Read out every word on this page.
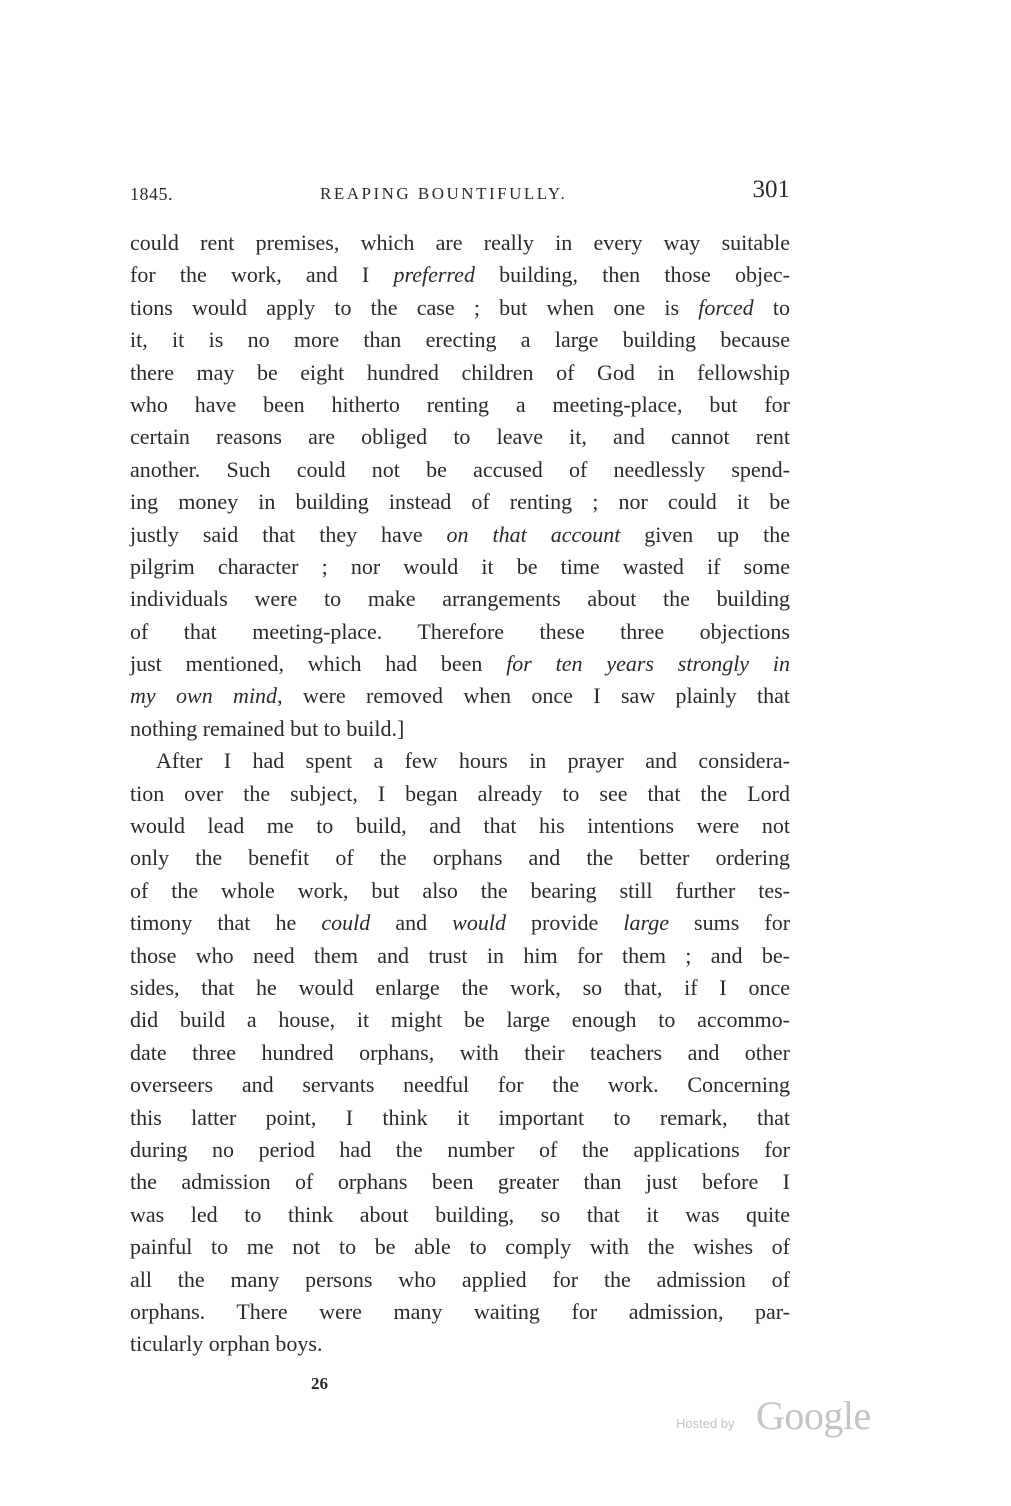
1845.	REAPING BOUNTIFULLY.	301
could rent premises, which are really in every way suitable
for the work, and I preferred building, then those objec-
tions would apply to the case ; but when one is forced to
it, it is no more than erecting a large building because
there may be eight hundred children of God in fellowship
who have been hitherto renting a meeting-place, but for
certain reasons are obliged to leave it, and cannot rent
another. Such could not be accused of needlessly spend-
ing money in building instead of renting ; nor could it be
justly said that they have on that account given up the
pilgrim character ; nor would it be time wasted if some
individuals were to make arrangements about the building
of that meeting-place. Therefore these three objections
just mentioned, which had been for ten years strongly in
my own mind, were removed when once I saw plainly that
nothing remained but to build.]
After I had spent a few hours in prayer and considera-
tion over the subject, I began already to see that the Lord
would lead me to build, and that his intentions were not
only the benefit of the orphans and the better ordering
of the whole work, but also the bearing still further tes-
timony that he could and would provide large sums for
those who need them and trust in him for them ; and be-
sides, that he would enlarge the work, so that, if I once
did build a house, it might be large enough to accommo-
date three hundred orphans, with their teachers and other
overseers and servants needful for the work. Concerning
this latter point, I think it important to remark, that
during no period had the number of the applications for
the admission of orphans been greater than just before I
was led to think about building, so that it was quite
painful to me not to be able to comply with the wishes of
all the many persons who applied for the admission of
orphans. There were many waiting for admission, par-
ticularly orphan boys.
26
Hosted by Google
